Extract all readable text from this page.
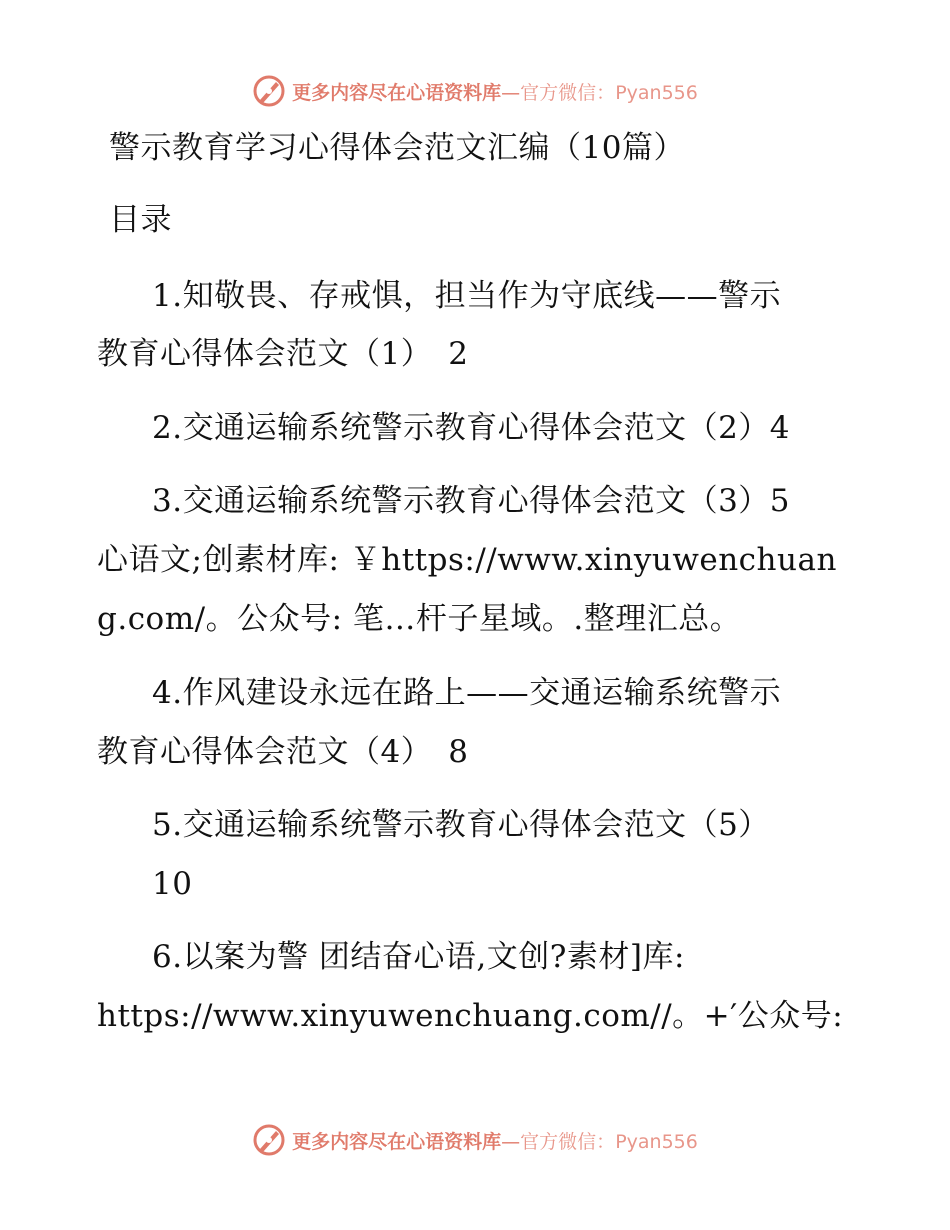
更多内容尽在心语资料库—官方微信：Pyan556
警示教育学习心得体会范文汇编（10篇）
目录
1.知敬畏、存戒惧，担当作为守底线——警示
教育心得体会范文（1）　2
2.交通运输系统警示教育心得体会范文（2）4
3.交通运输系统警示教育心得体会范文（3）5
心语文;创素材库: ￥https://www.xinyuwenchuan
g.com/。公众号: 笔…杆子星域。.整理汇总。
4.作风建设永远在路上——交通运输系统警示
教育心得体会范文（4）　8
5.交通运输系统警示教育心得体会范文（5）
10
6.以案为警 团结奋心语,文创?素材]库:
https://www.xinyuwenchuang.com//。+′公众号:
更多内容尽在心语资料库—官方微信：Pyan556
